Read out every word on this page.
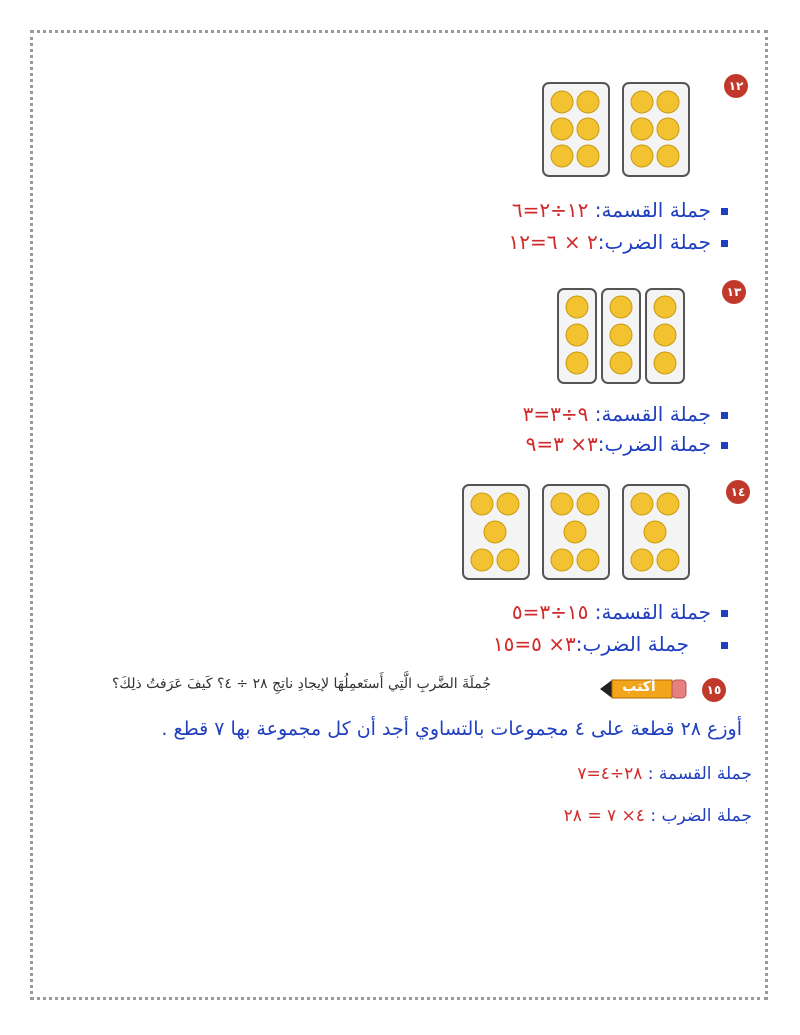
١٢
جملة القسمة: ١٢÷٢=٦
جملة الضرب:٢ × ٦=١٢
١٣
جملة القسمة: ٩÷٣=٣
جملة الضرب:٣× ٣=٩
١٤
جملة القسمة: ١٥÷٣=٥
جملة الضرب:٣× ٥=١٥
١٥
أكتب
جُملَةَ الضَّربِ الَّتِي أَستَعمِلُهَا لإيجادِ ناتِجِ ٢٨ ÷ ٤؟ كَيفَ عَرَفتُ ذلِكَ؟
أوزع ٢٨ قطعة على ٤ مجموعات بالتساوي أجد أن كل مجموعة بها ٧ قطع .
جملة القسمة : ٢٨÷٤=٧
جملة الضرب : ٤× ٧ = ٢٨
